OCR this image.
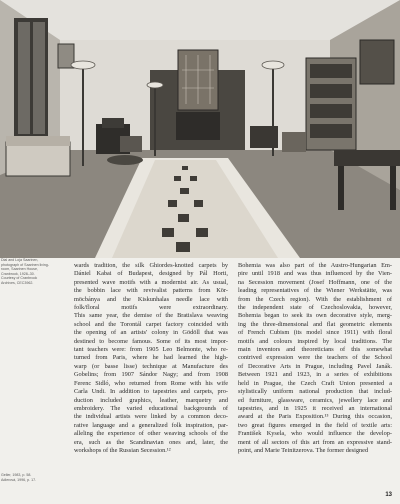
Dial and Loja Saarinen,
photograph of Saarinen living-
room, Saarinen House,
Cranbrook, 1928–30.
Courtesy of Cranbrook
Archives, CEC3962.
Geller, 1983, p. 58.
Adlerová, 1996, p. 17.
wards tradition, the silk Ghiordes-knotted carpets by
Dániel Kabai of Budapest, designed by Pál Horti,
presented wave motifs with a modernist air. As usual,
the bobbin lace with revivalist patterns from Kör-
möcbánya and the Kiskunhalas needle lace with
folk/floral motifs were extraordinary.
This same year, the demise of the Bratislava weaving
school and the Torontál carpet factory coincided with
the opening of an artists' colony in Gödöll that was
destined to become famous. Some of its most impor-
tant teachers were: from 1905 Leo Belmonte, who re-
turned from Paris, where he had learned the high-
warp (or basse lisse) technique at Manufacture des
Gobelins; from 1907 Sándor Nagy; and from 1908
Ferenc Sidló, who returned from Rome with his wife
Carla Undi. In addition to tapestries and carpets, pro-
duction included graphics, leather, marquetry and
embroidery. The varied educational backgrounds of
the individual artists were linked by a common deco-
rative language and a generalized folk inspiration, par-
alleling the experience of other weaving schools of the
era, such as the Scandinavian ones and, later, the
workshops of the Russian Secession.¹²
Bohemia was also part of the Austro-Hungarian Em-
pire until 1918 and was thus influenced by the Vien-
na Secession movement (Josef Hoffmann, one of the
leading representatives of the Wiener Werkstätte, was
from the Czech region). With the establishment of
the independent state of Czechoslovakia, however,
Bohemia began to seek its own decorative style, merg-
ing the three-dimensional and flat geometric elements
of French Cubism (its model since 1911) with floral
motifs and colours inspired by local traditions. The
main inventors and theoreticians of this somewhat
contrived expression were the teachers of the School
of Decorative Arts in Prague, including Pavel Janák.
Between 1921 and 1923, in a series of exhibitions
held in Prague, the Czech Craft Union presented a
stylistically uniform national production that includ-
ed furniture, glassware, ceramics, jewellery lace and
tapestries, and in 1925 it received an international
award at the Paris Exposition.¹³ During this occasion,
two great figures emerged in the field of textile arts:
František Kysela, who would influence the develop-
ment of all sectors of this art from an expressive stand-
point, and Marie Teinitzerova. The former designed
13
